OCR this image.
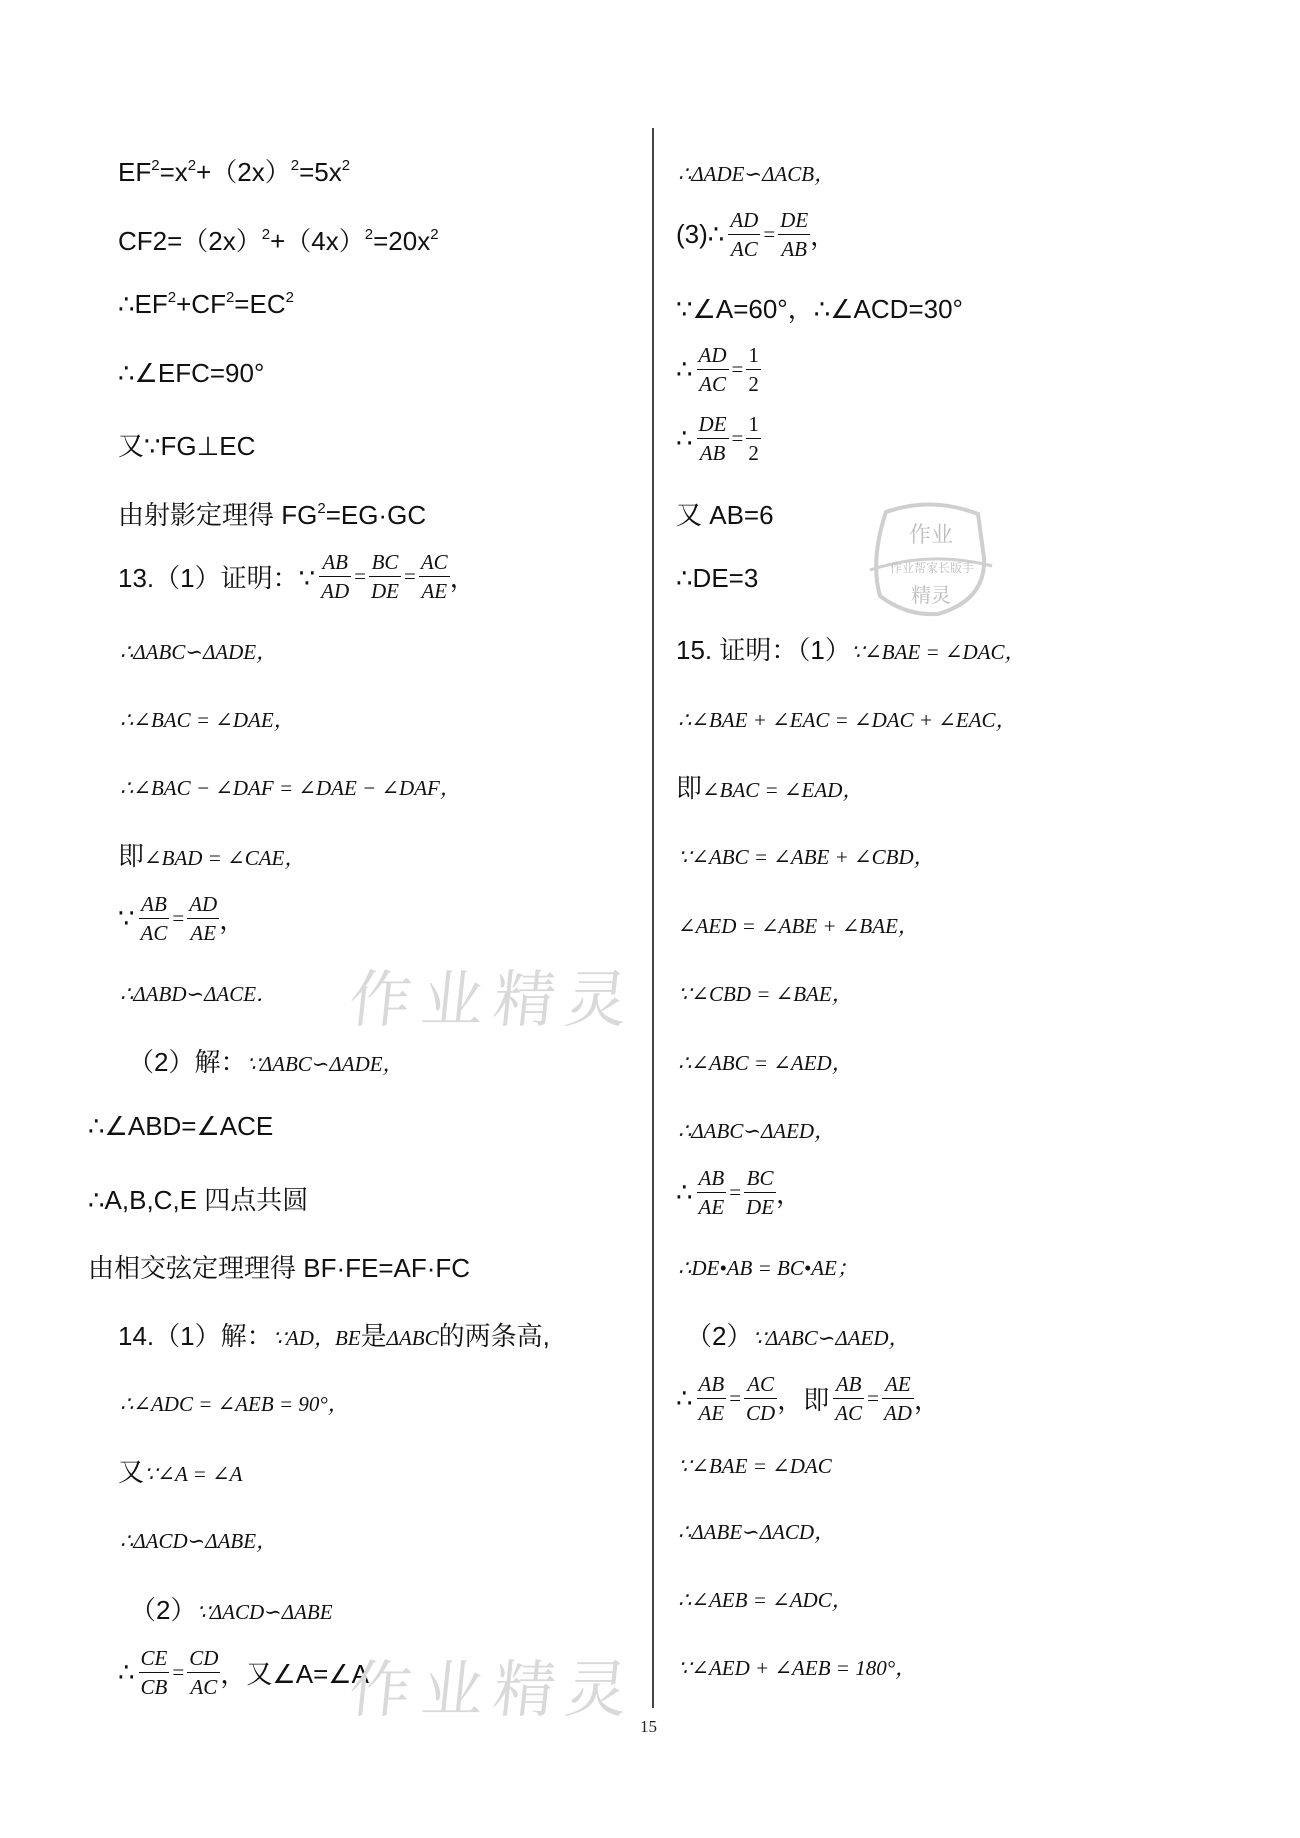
$EF^2=x^2+(2x)^2=5x^2$
$CF2=(2x)^2+(4x)^2=20x^2$
$\therefore EF^2+CF^2=EC^2$
∴∠EFC=90°
又∵FG⊥EC
由射影定理得 $FG^2=EG\cdot GC$
13.（1）证明：∵ $\frac{AB}{AD} = \frac{BC}{DE} = \frac{AC}{AE}$ ，
∴ΔABC∽ΔADE，
∴∠BAC = ∠DAE，
∴∠BAC − ∠DAF = ∠DAE − ∠DAF，
即∠BAD = ∠CAE，
∵ $\frac{AB}{AC} = \frac{AD}{AE}$ ，
∴ΔABD∽ΔACE．
（2）解：∵ΔABC∽ΔADE，
∴∠ABD=∠ACE
∴A,B,C,E 四点共圆
由相交弦定理理得 BF·FE=AF·FC
14.（1）解：∵AD，BE是ΔABC的两条高,
∴∠ADC = ∠AEB = 90°，
又∵∠A = ∠A
∴ΔACD∽ΔABE，
（2）∵ΔACD∽ΔABE
∴ $\frac{CE}{CB} = \frac{CD}{AC}$ ，又∠A=∠A
∴ΔADE∽ΔACB，
(3)∴ $\frac{AD}{AC} = \frac{DE}{AB}$ ，
∵∠A=60°，∴∠ACD=30°
∴ $\frac{AD}{AC} = \frac{1}{2}$
∴ $\frac{DE}{AB} = \frac{1}{2}$
又 AB=6
∴DE=3
15. 证明：（1）∵∠BAE = ∠DAC，
∴∠BAE + ∠EAC = ∠DAC + ∠EAC，
即∠BAC = ∠EAD，
∵∠ABC = ∠ABE + ∠CBD，
∠AED = ∠ABE + ∠BAE，
∵∠CBD = ∠BAE，
∴∠ABC = ∠AED，
∴ΔABC∽ΔAED，
∴ $\frac{AB}{AE} = \frac{BC}{DE}$ ，
∴DE•AB = BC•AE；
（2）∵ΔABC∽ΔAED，
∴ $\frac{AB}{AE} = \frac{AC}{CD}$ ，即 $\frac{AB}{AC} = \frac{AE}{AD}$ ，
∵∠BAE = ∠DAC
∴ΔABE∽ΔACD，
∴∠AEB = ∠ADC，
∵∠AED + ∠AEB = 180°，
作业精灵
作业精灵
作业
作业帮家长版手
精灵
15
